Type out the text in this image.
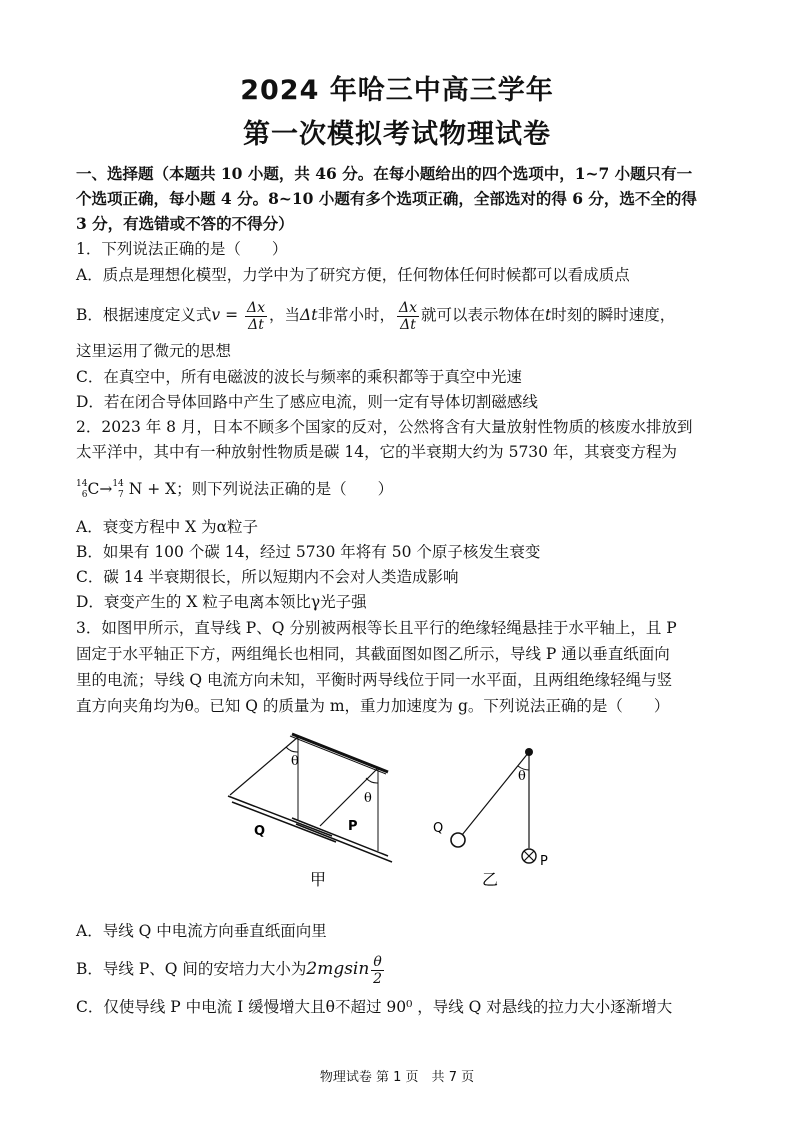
2024 年哈三中高三学年
第一次模拟考试物理试卷
一、选择题（本题共 10 小题，共 46 分。在每小题给出的四个选项中，1~7 小题只有一
个选项正确，每小题 4 分。8~10 小题有多个选项正确，全部选对的得 6 分，选不全的得
3 分，有选错或不答的不得分）
1．下列说法正确的是（　　）
A．质点是理想化模型，力学中为了研究方便，任何物体任何时候都可以看成质点
B．根据速度定义式$v = \frac{\Delta x}{\Delta t}$ ，当Δt非常小时， $\frac{\Delta x}{\Delta t}$ 就可以表示物体在t时刻的瞬时速度，
这里运用了微元的思想
C．在真空中，所有电磁波的波长与频率的乘积都等于真空中光速
D．若在闭合导体回路中产生了感应电流，则一定有导体切割磁感线
2．2023 年 8 月，日本不顾多个国家的反对，公然将含有大量放射性物质的核废水排放到
太平洋中，其中有一种放射性物质是碳 14，它的半衰期大约为 5730 年，其衰变方程为
14
6 C→ 14
7 N + X；则下列说法正确的是（　　）
A．衰变方程中 X 为α粒子
B．如果有 100 个碳 14，经过 5730 年将有 50 个原子核发生衰变
C．碳 14 半衰期很长，所以短期内不会对人类造成影响
D．衰变产生的 X 粒子电离本领比γ光子强
3．如图甲所示，直导线 P、Q 分别被两根等长且平行的绝缘轻绳悬挂于水平轴上，且 P
固定于水平轴正下方，两组绳长也相同，其截面图如图乙所示，导线 P 通以垂直纸面向
里的电流；导线 Q 电流方向未知，平衡时两导线位于同一水平面，且两组绝缘轻绳与竖
直方向夹角均为θ。已知 Q 的质量为 m，重力加速度为 g。下列说法正确的是（　　）
θ
θ
Q	P
甲
θ
Q
P
乙
A．导线 Q 中电流方向垂直纸面向里
B．导线 P、Q 间的安培力大小为$2mgsin \frac{\theta}{2}$
C．仅使导线 P 中电流 I 缓慢增大且θ不超过 90⁰ ，导线 Q 对悬线的拉力大小逐渐增大
物理试卷 第 1 页　共 7 页
